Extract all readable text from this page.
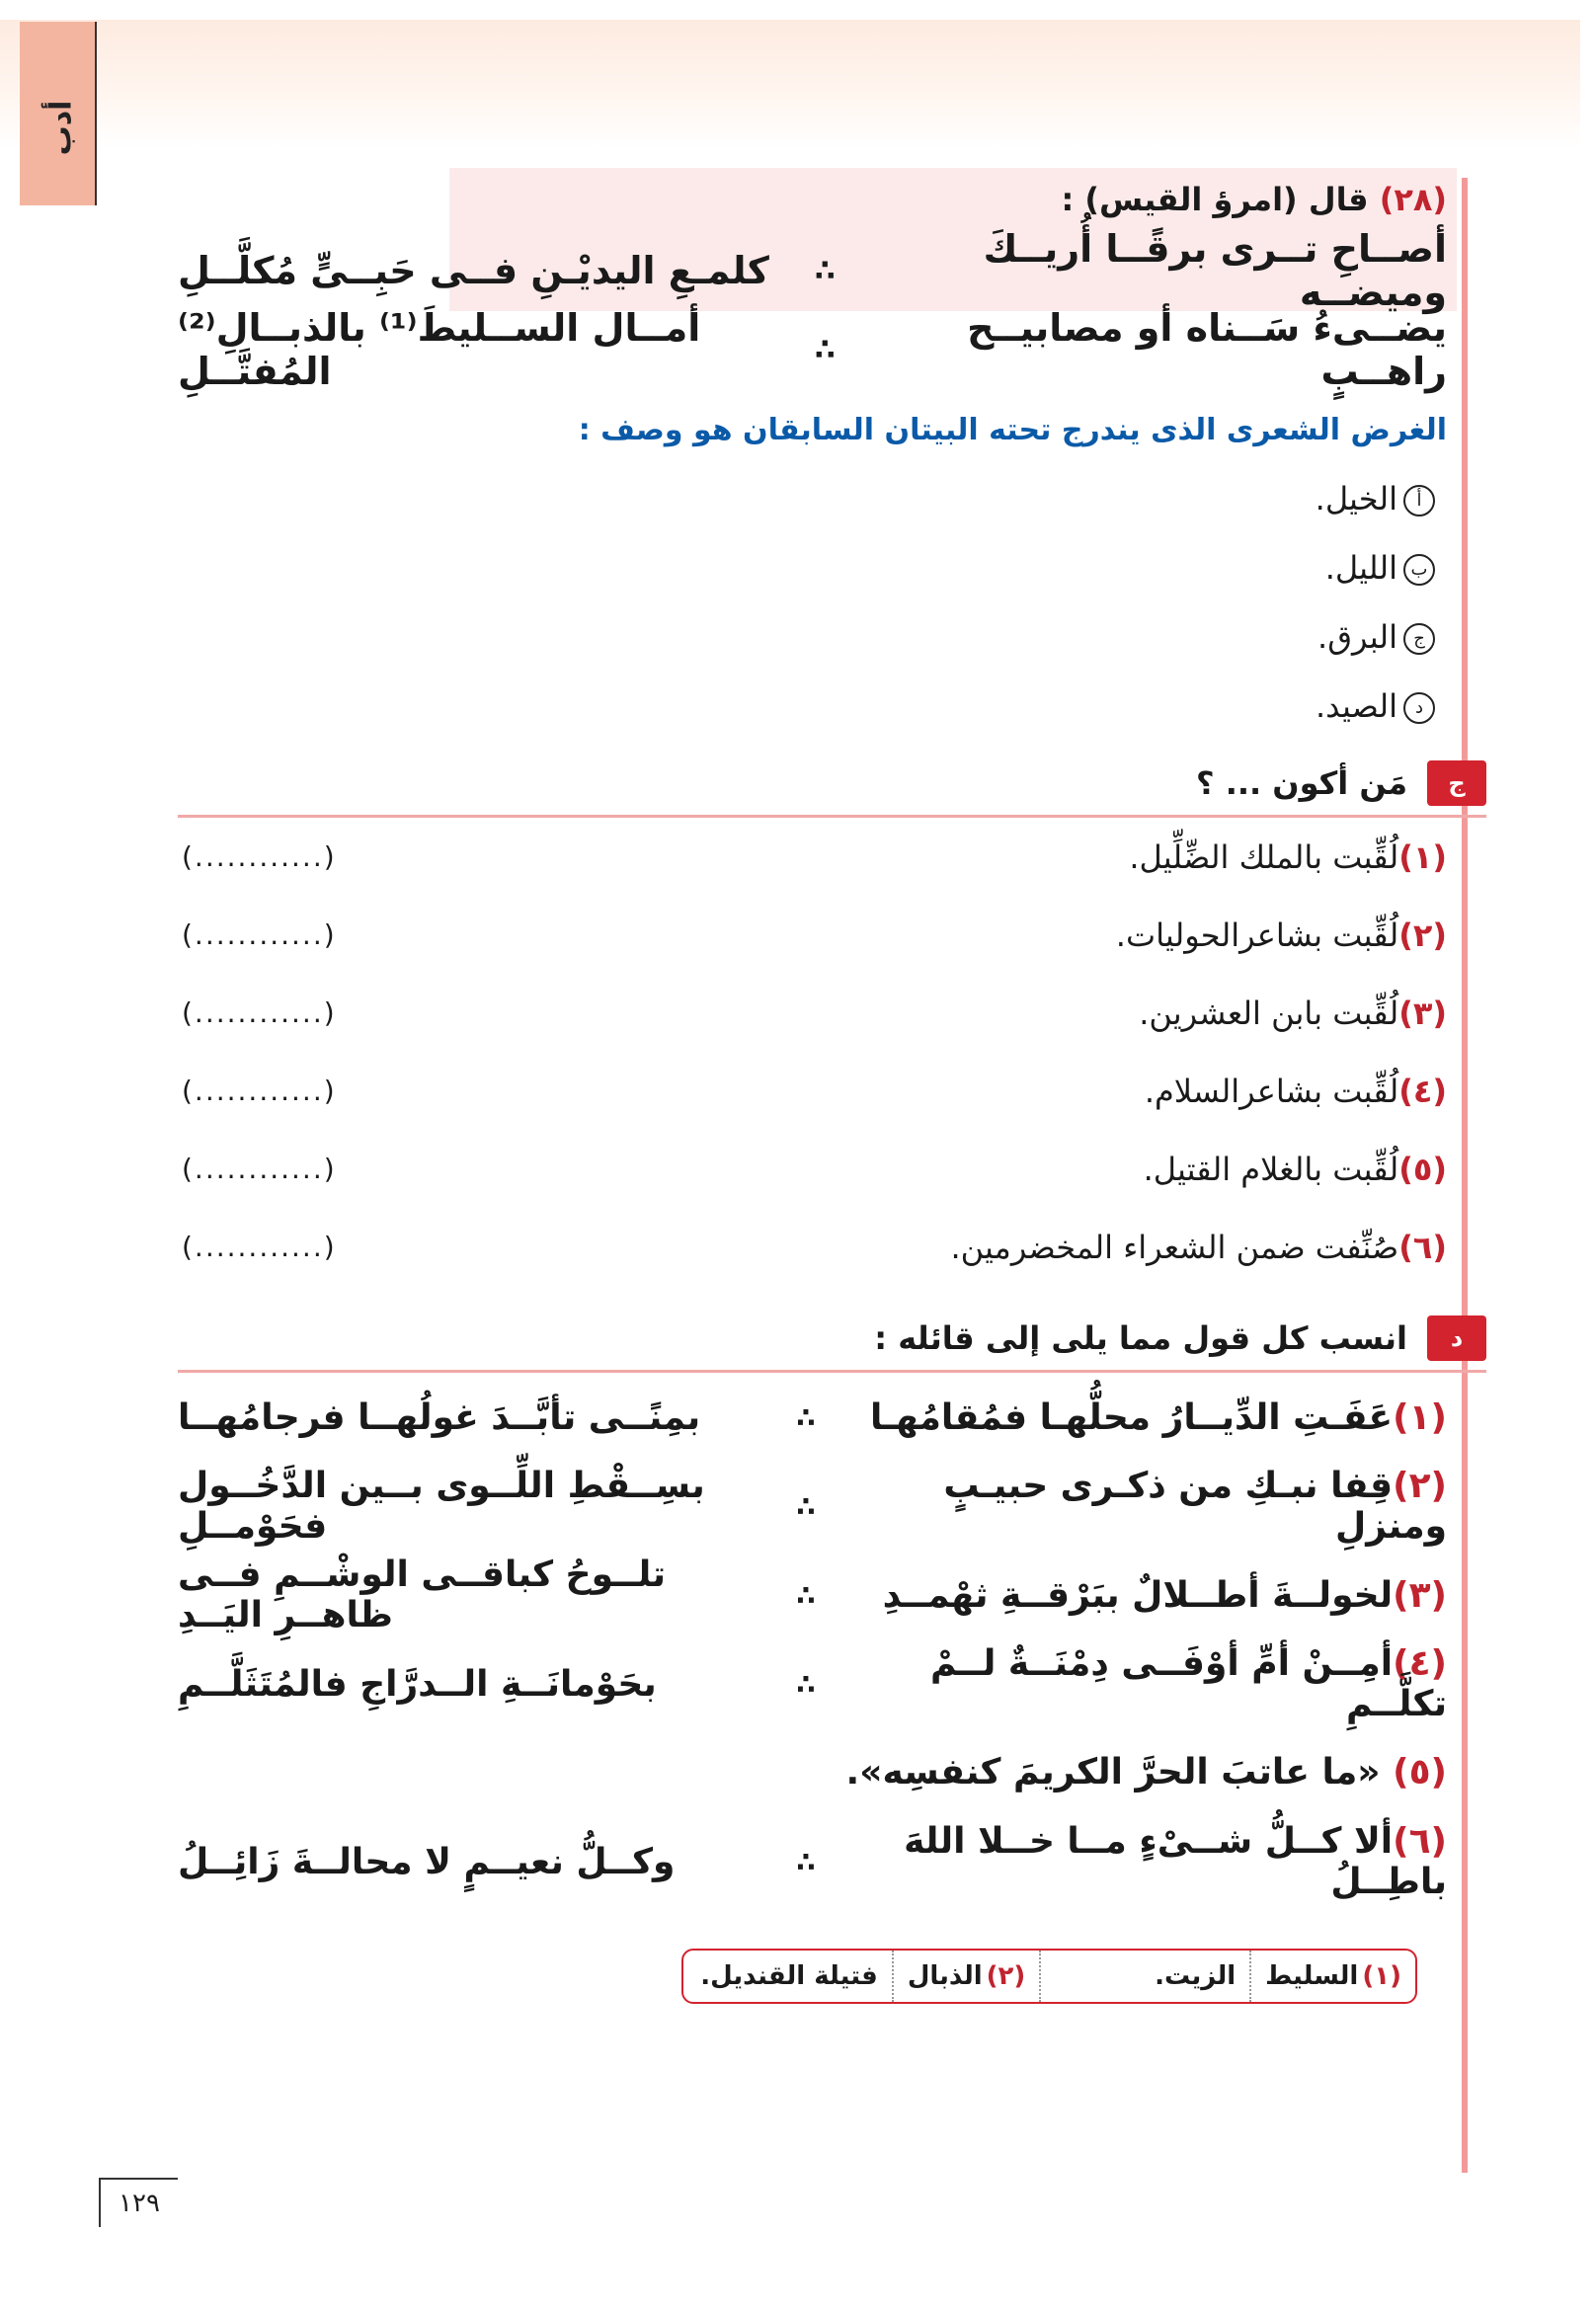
أدب
(٢٨) قال (امرؤ القيس) :
أصــاحِ تــرى برقًــا أُريــكَ وميضــه
∴
كلمـعِ اليديْـنِ فــى حَبِــىٍّ مُكلَّــلِ
يضــىءُ سَــناه أو مصابيــح راهــبٍ
∴
أمــال الســليطَ⁽¹⁾ بالذبــالِ⁽²⁾ المُفتَّــلِ
الغرض الشعرى الذى يندرج تحته البيتان السابقان هو وصف :
أالخيل.
بالليل.
جالبرق.
دالصيد.
ج
مَن أكون ... ؟
(١)لُقِّبت بالملك الضِّلِّيل.
(............)
(٢)لُقِّبت بشاعرالحوليات.
(............)
(٣)لُقِّبت بابن العشرين.
(............)
(٤)لُقِّبت بشاعرالسلام.
(............)
(٥)لُقِّبت بالغلام القتيل.
(............)
(٦)صُنِّفت ضمن الشعراء المخضرمين.
(............)
د
انسب كل قول مما يلى إلى قائله :
(١)عَفَـتِ الدِّيــارُ محلُّهـا فمُقامُهـا
∴
بمِنًــى تأبَّــدَ غولُهــا فرجامُهــا
(٢)قِفا نبـكِ من ذكـرى حبيـبٍ ومنزلِ
∴
بسِــقْطِ اللِّــوى بــين الدَّخُــول فحَوْمــلِ
(٣)لخولــةَ أطــلالٌ ببَرْقــةِ ثهْمــدِ
∴
تلــوحُ كباقــى الوشْــمِ فــى ظاهــرِ اليَــدِ
(٤)أمِــنْ أمِّ أوْفَــى دِمْنَــةٌ لــمْ تكلَّــمِ
∴
بحَوْمانَــةِ الــدرَّاجِ فالمُتَثَلَّــمِ
(٥) «ما عاتبَ الحرَّ الكريمَ كنفسِه».
(٦)ألا كــلُّ شــىْءٍ مــا خــلا اللهَ باطِــلُ
∴
وكــلُّ نعيــمٍ لا محالــةَ زَائِــلُ
(١)
السليط
الزيت.
(٢)
الذبال
فتيلة القنديل.
١٢٩
